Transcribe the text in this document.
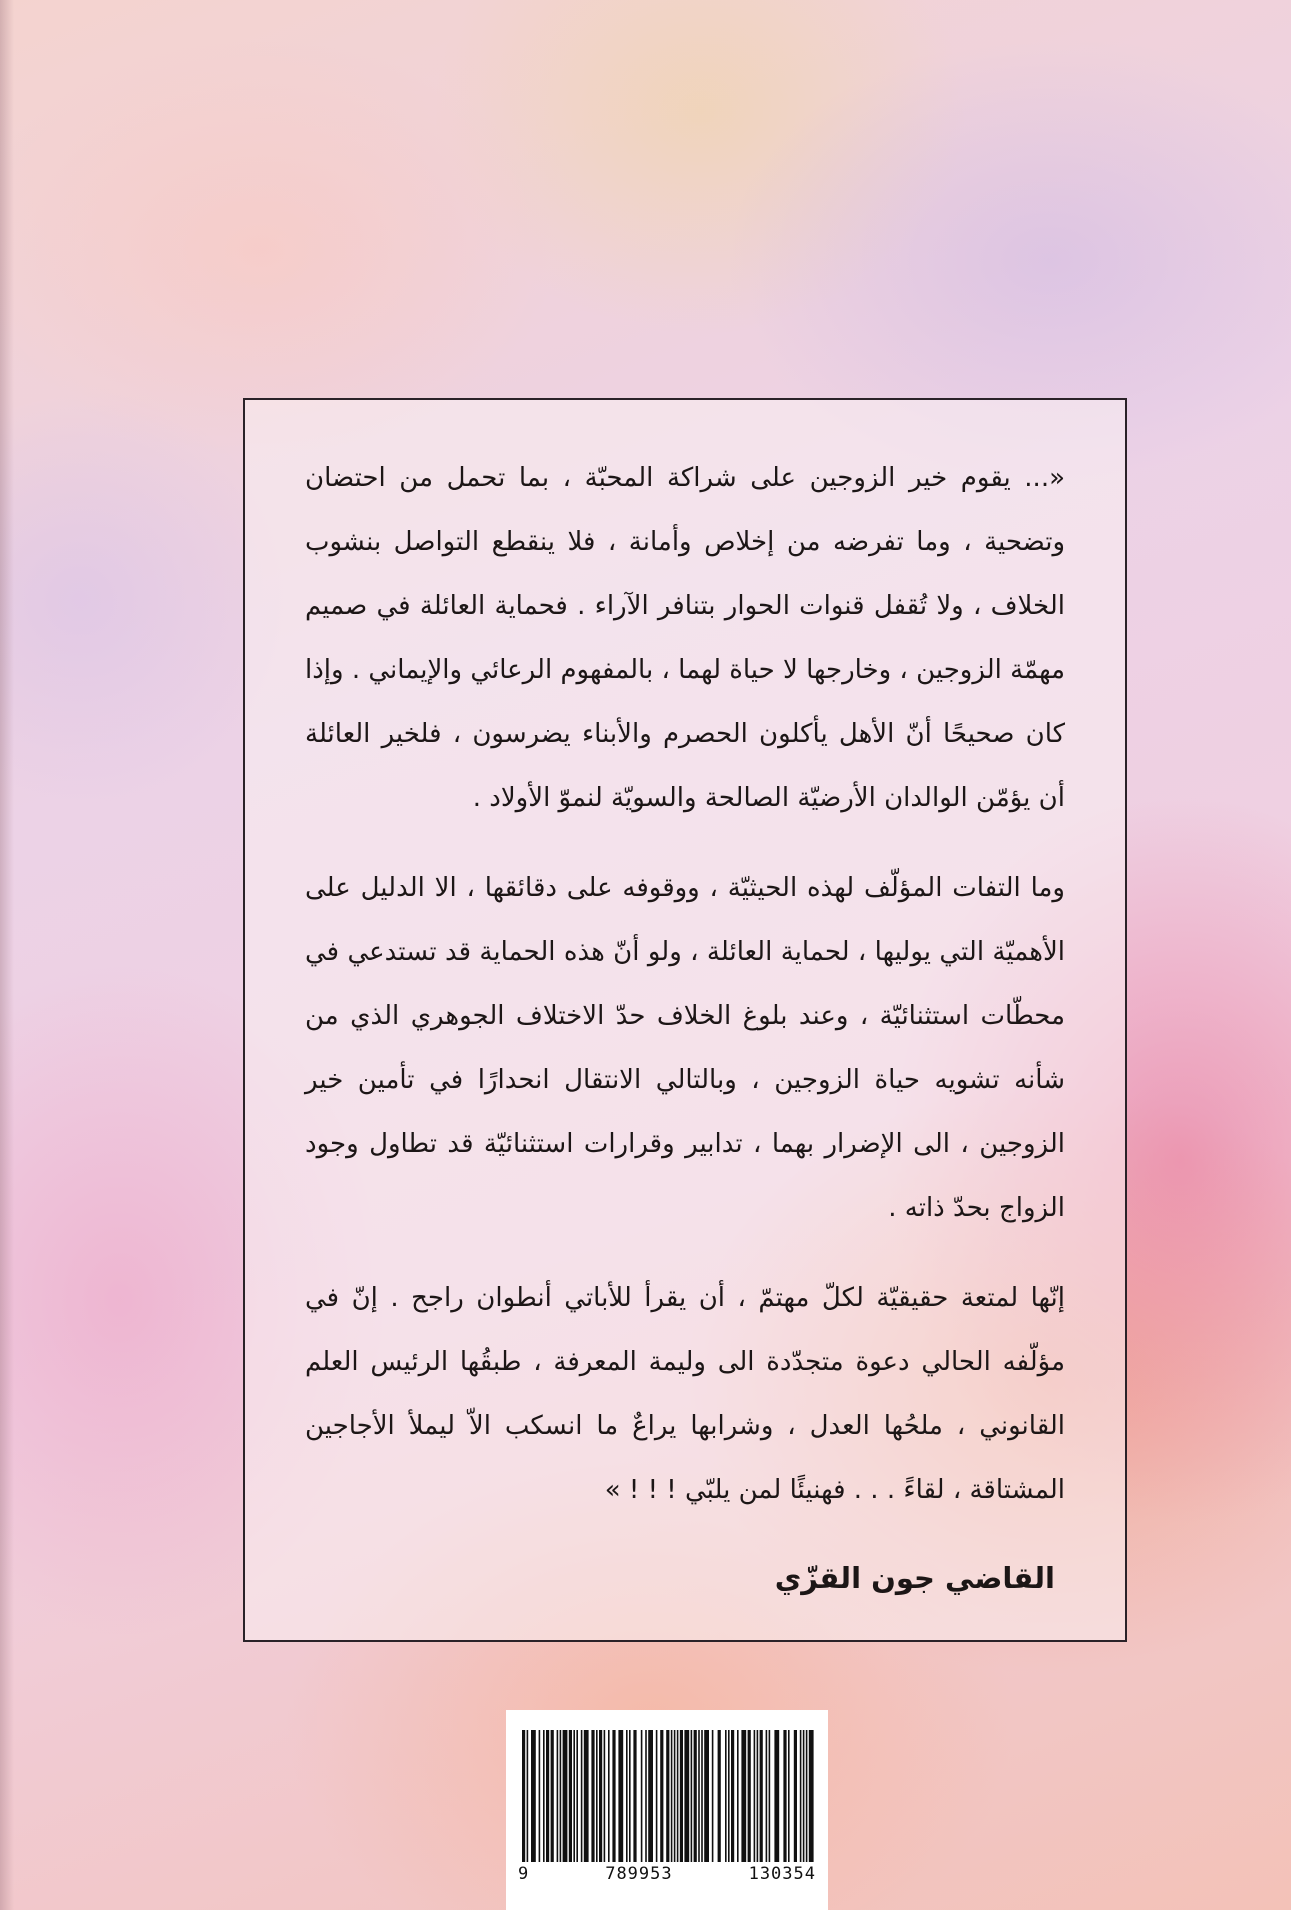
«... يقوم خير الزوجين على شراكة المحبّة ، بما تحمل من احتضان وتضحية ، وما تفرضه من إخلاص وأمانة ، فلا ينقطع التواصل بنشوب الخلاف ، ولا تُقفل قنوات الحوار بتنافر الآراء . فحماية العائلة في صميم مهمّة الزوجين ، وخارجها لا حياة لهما ، بالمفهوم الرعائي والإيماني . وإذا كان صحيحًا أنّ الأهل يأكلون الحصرم والأبناء يضرسون ، فلخير العائلة أن يؤمّن الوالدان الأرضيّة الصالحة والسويّة لنموّ الأولاد .

وما التفات المؤلّف لهذه الحيثيّة ، ووقوفه على دقائقها ، الا الدليل على الأهميّة التي يوليها ، لحماية العائلة ، ولو أنّ هذه الحماية قد تستدعي في محطّات استثنائيّة ، وعند بلوغ الخلاف حدّ الاختلاف الجوهري الذي من شأنه تشويه حياة الزوجين ، وبالتالي الانتقال انحدارًا في تأمين خير الزوجين ، الى الإضرار بهما ، تدابير وقرارات استثنائيّة قد تطاول وجود الزواج بحدّ ذاته .

إنّها لمتعة حقيقيّة لكلّ مهتمّ ، أن يقرأ للأباتي أنطوان راجح . إنّ في مؤلّفه الحالي دعوة متجدّدة الى وليمة المعرفة ، طبقُها الرئيس العلم القانوني ، ملحُها العدل ، وشرابها يراعٌ ما انسكب الاّ ليملأ الأجاجين المشتاقة ، لقاءً . . . فهنيئًا لمن يلبّي ! ! ! »

القاضي جون القزّي
9	789953	130354
